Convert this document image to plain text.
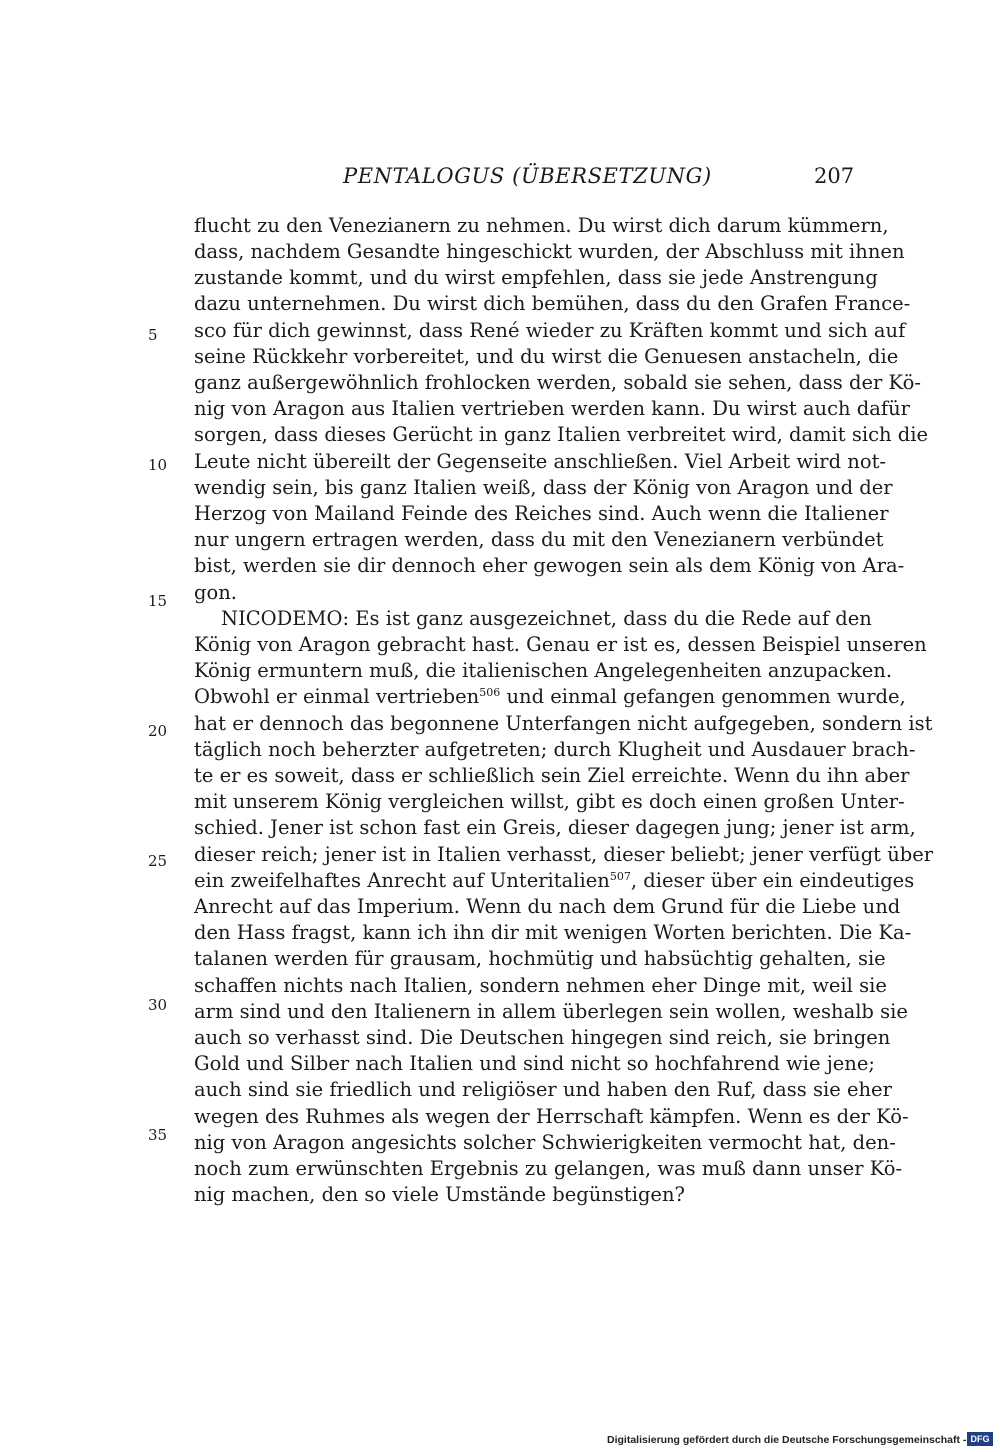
PENTALOGUS (ÜBERSETZUNG)	207
5
10
15
20
25
30
35
flucht zu den Venezianern zu nehmen. Du wirst dich darum kümmern,
dass, nachdem Gesandte hingeschickt wurden, der Abschluss mit ihnen
zustande kommt, und du wirst empfehlen, dass sie jede Anstrengung
dazu unternehmen. Du wirst dich bemühen, dass du den Grafen France-
sco für dich gewinnst, dass René wieder zu Kräften kommt und sich auf
seine Rückkehr vorbereitet, und du wirst die Genuesen anstacheln, die
ganz außergewöhnlich frohlocken werden, sobald sie sehen, dass der Kö-
nig von Aragon aus Italien vertrieben werden kann. Du wirst auch dafür
sorgen, dass dieses Gerücht in ganz Italien verbreitet wird, damit sich die
Leute nicht übereilt der Gegenseite anschließen. Viel Arbeit wird not-
wendig sein, bis ganz Italien weiß, dass der König von Aragon und der
Herzog von Mailand Feinde des Reiches sind. Auch wenn die Italiener
nur ungern ertragen werden, dass du mit den Venezianern verbündet
bist, werden sie dir dennoch eher gewogen sein als dem König von Ara-
gon.
NICODEMO: Es ist ganz ausgezeichnet, dass du die Rede auf den
König von Aragon gebracht hast. Genau er ist es, dessen Beispiel unseren
König ermuntern muß, die italienischen Angelegenheiten anzupacken.
Obwohl er einmal vertrieben$^{506}$ und einmal gefangen genommen wurde,
hat er dennoch das begonnene Unterfangen nicht aufgegeben, sondern ist
täglich noch beherzter aufgetreten; durch Klugheit und Ausdauer brach-
te er es soweit, dass er schließlich sein Ziel erreichte. Wenn du ihn aber
mit unserem König vergleichen willst, gibt es doch einen großen Unter-
schied. Jener ist schon fast ein Greis, dieser dagegen jung; jener ist arm,
dieser reich; jener ist in Italien verhasst, dieser beliebt; jener verfügt über
ein zweifelhaftes Anrecht auf Unteritalien$^{507}$, dieser über ein eindeutiges
Anrecht auf das Imperium. Wenn du nach dem Grund für die Liebe und
den Hass fragst, kann ich ihn dir mit wenigen Worten berichten. Die Ka-
talanen werden für grausam, hochmütig und habsüchtig gehalten, sie
schaffen nichts nach Italien, sondern nehmen eher Dinge mit, weil sie
arm sind und den Italienern in allem überlegen sein wollen, weshalb sie
auch so verhasst sind. Die Deutschen hingegen sind reich, sie bringen
Gold und Silber nach Italien und sind nicht so hochfahrend wie jene;
auch sind sie friedlich und religiöser und haben den Ruf, dass sie eher
wegen des Ruhmes als wegen der Herrschaft kämpfen. Wenn es der Kö-
nig von Aragon angesichts solcher Schwierigkeiten vermocht hat, den-
noch zum erwünschten Ergebnis zu gelangen, was muß dann unser Kö-
nig machen, den so viele Umstände begünstigen?
Digitalisierung gefördert durch die Deutsche Forschungsgemeinschaft - DFG
